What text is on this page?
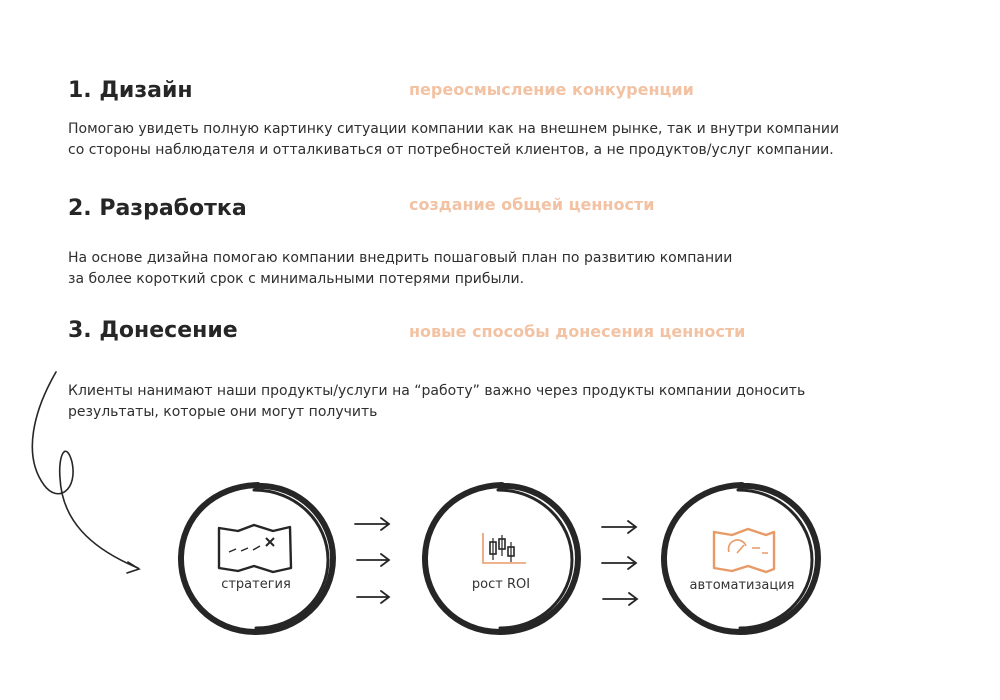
1. Дизайн	переосмысление конкуренции
Помогаю увидеть полную картинку ситуации компании как на внешнем рынке, так и внутри компании
со стороны наблюдателя и отталкиваться от потребностей клиентов, а не продуктов/услуг компании.
2. Разработка	создание общей ценности
На основе дизайна помогаю компании внедрить пошаговый план по развитию компании
за более короткий срок с минимальными потерями прибыли.
3. Донесение	новые способы донесения ценности
Клиенты нанимают наши продукты/услуги на “работу” важно через продукты компании доносить
результаты, которые они могут получить
стратегия	рост ROI	автоматизация
